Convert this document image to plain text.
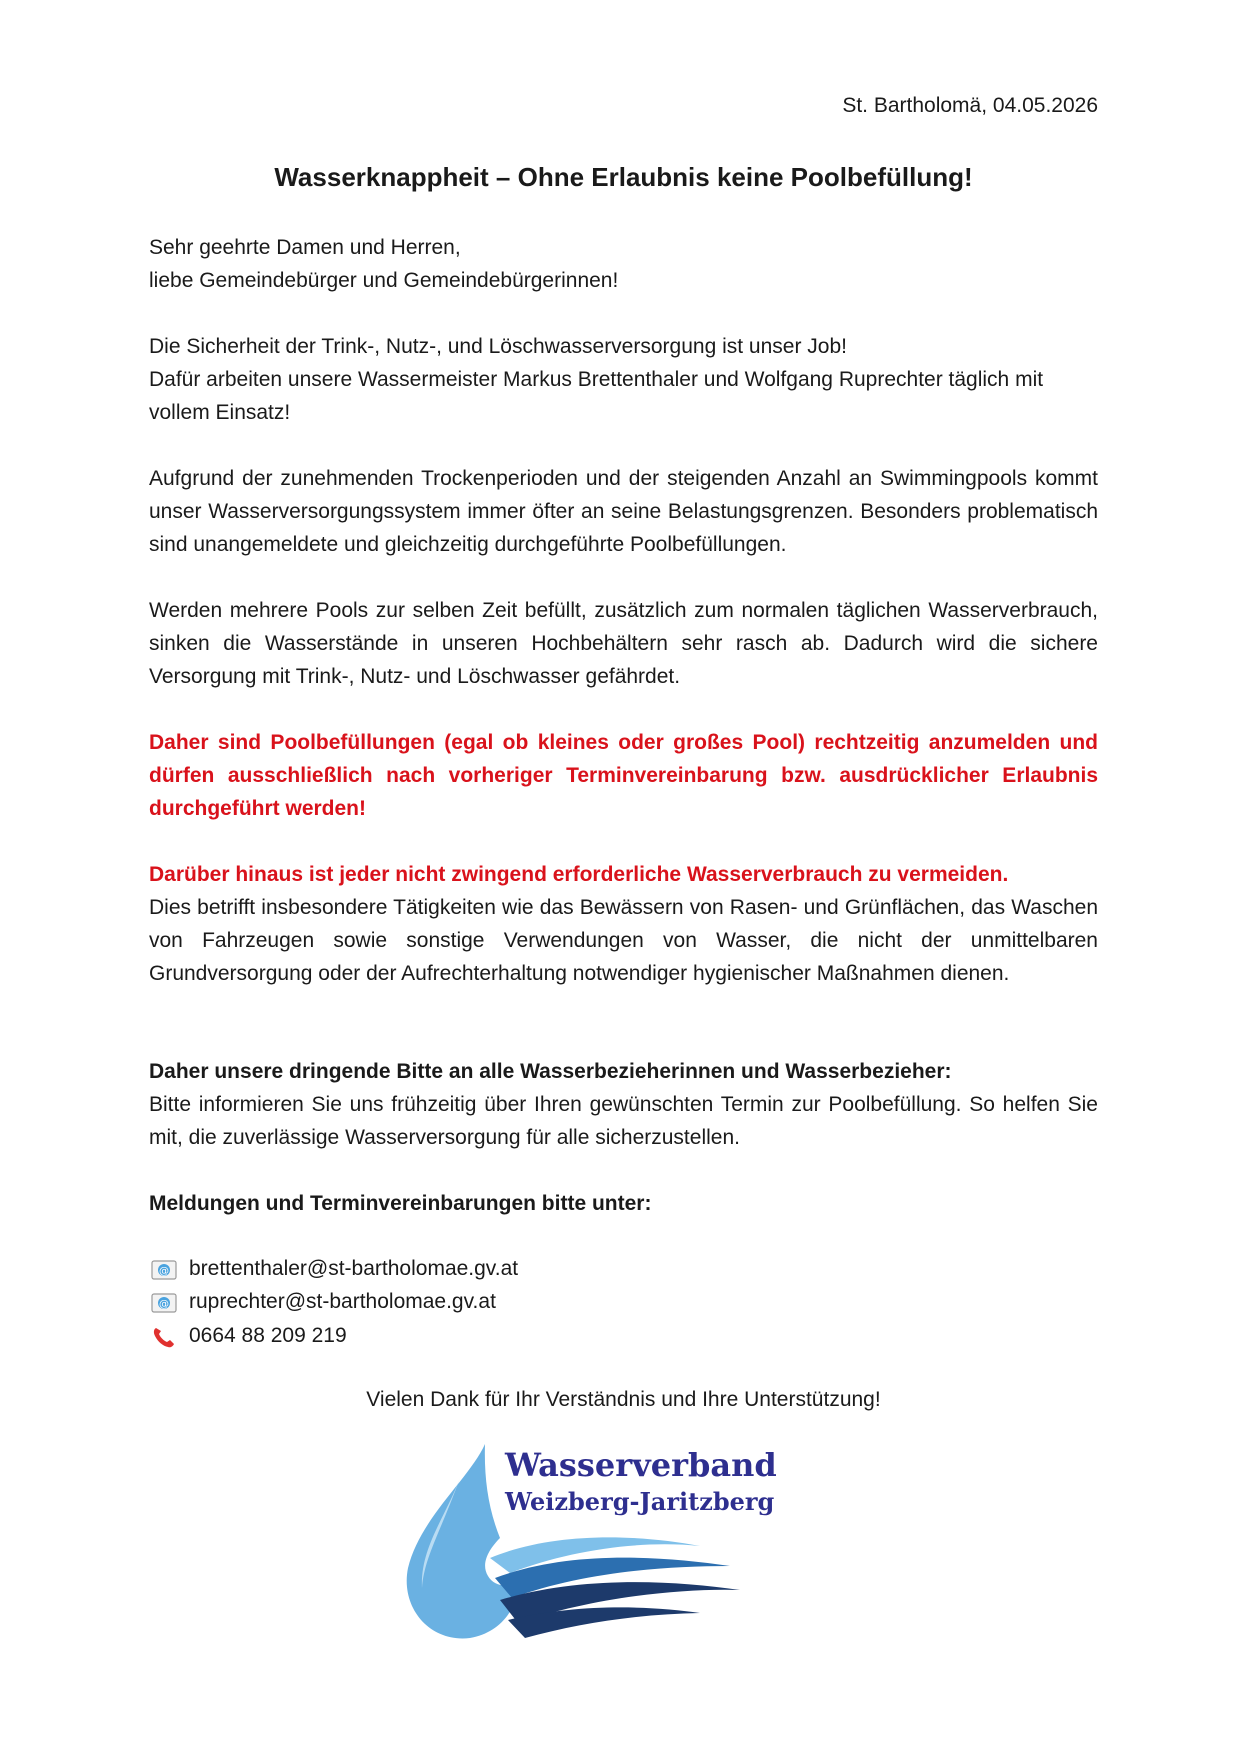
St. Bartholomä, 04.05.2026
Wasserknappheit – Ohne Erlaubnis keine Poolbefüllung!
Sehr geehrte Damen und Herren,
liebe Gemeindebürger und Gemeindebürgerinnen!
Die Sicherheit der Trink-, Nutz-, und Löschwasserversorgung ist unser Job!
Dafür arbeiten unsere Wassermeister Markus Brettenthaler und Wolfgang Ruprechter täglich mit vollem Einsatz!
Aufgrund der zunehmenden Trockenperioden und der steigenden Anzahl an Swimmingpools kommt unser Wasserversorgungssystem immer öfter an seine Belastungsgrenzen. Besonders problematisch sind unangemeldete und gleichzeitig durchgeführte Poolbefüllungen.
Werden mehrere Pools zur selben Zeit befüllt, zusätzlich zum normalen täglichen Wasserverbrauch, sinken die Wasserstände in unseren Hochbehältern sehr rasch ab. Dadurch wird die sichere Versorgung mit Trink-, Nutz- und Löschwasser gefährdet.
Daher sind Poolbefüllungen (egal ob kleines oder großes Pool) rechtzeitig anzumelden und dürfen ausschließlich nach vorheriger Terminvereinbarung bzw. ausdrücklicher Erlaubnis durchgeführt werden!
Darüber hinaus ist jeder nicht zwingend erforderliche Wasserverbrauch zu vermeiden.
Dies betrifft insbesondere Tätigkeiten wie das Bewässern von Rasen- und Grünflächen, das Waschen von Fahrzeugen sowie sonstige Verwendungen von Wasser, die nicht der unmittelbaren Grundversorgung oder der Aufrechterhaltung notwendiger hygienischer Maßnahmen dienen.
Daher unsere dringende Bitte an alle Wasserbezieherinnen und Wasserbezieher:
Bitte informieren Sie uns frühzeitig über Ihren gewünschten Termin zur Poolbefüllung. So helfen Sie mit, die zuverlässige Wasserversorgung für alle sicherzustellen.
Meldungen und Terminvereinbarungen bitte unter:
@ brettenthaler@st-bartholomae.gv.at
@ ruprechter@st-bartholomae.gv.at
0664 88 209 219
Vielen Dank für Ihr Verständnis und Ihre Unterstützung!
Wasserverband
Weizberg-Jaritzberg
